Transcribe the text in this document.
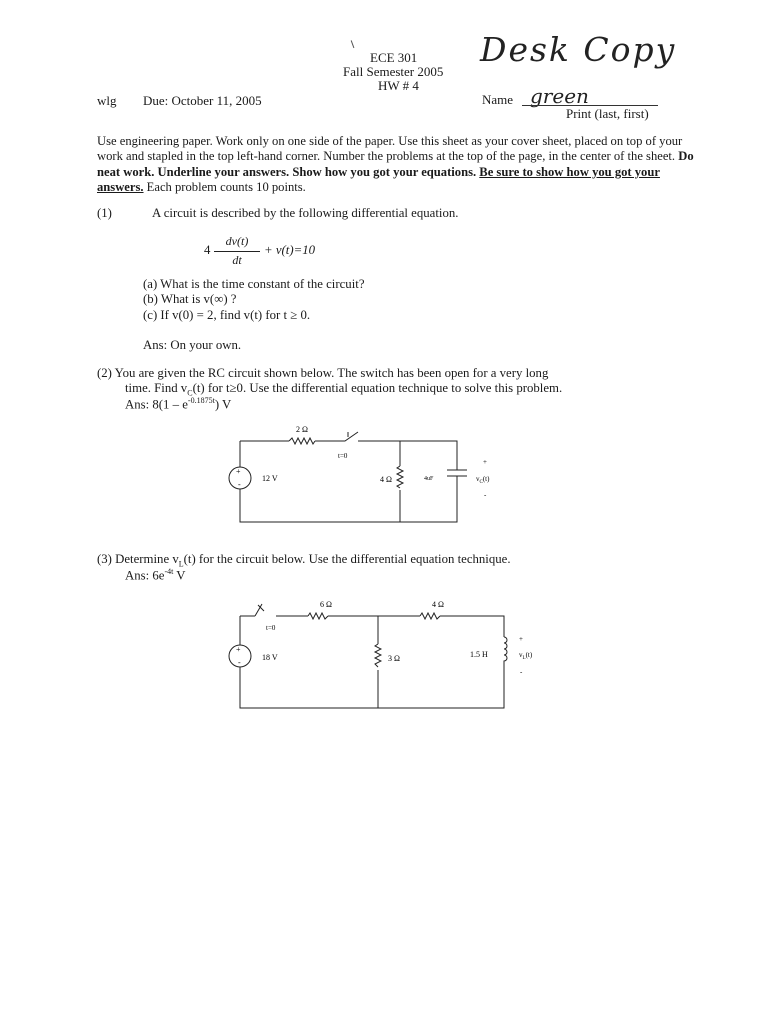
ECE 301
Fall Semester 2005
HW # 4
wlg Due: October 11, 2005	Name green
Print (last, first)
Desk Copy
Use engineering paper. Work only on one side of the paper. Use this sheet as your cover sheet, placed on top of your work and stapled in the top left-hand corner. Number the problems at the top of the page, in the center of the sheet. Do neat work. Underline your answers. Show how you got your equations. Be sure to show how you got your answers. Each problem counts 10 points.
(1)	A circuit is described by the following differential equation.
4
dv(t)
dt
+ v(t)=10
(a) What is the time constant of the circuit?
(b) What is v(∞) ?
(c) If v(0) = 2, find v(t) for t ≥ 0.
Ans: On your own.
(2) You are given the RC circuit shown below. The switch has been open for a very long
time. Find $v_C(t)$ for t≥0. Use the differential equation technique to solve this problem.
Ans: $8(1 - e^{-0.1875t})$ V
+
-
2 Ω
t=0
12 V	4 Ω	4uF
+
$v_C(t)$
-
(3) Determine $v_L(t)$ for the circuit below. Use the differential equation technique.
Ans: $6e^{-4t}$ V
+
-
t=0
18 V
6 Ω	4 Ω
3 Ω	1.5 H
+
$v_L(t)$
-
